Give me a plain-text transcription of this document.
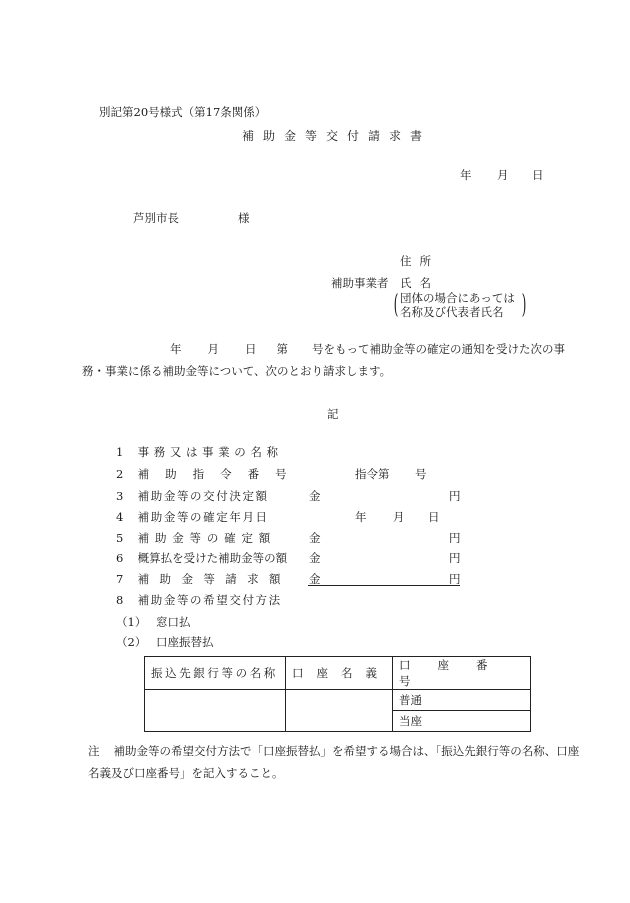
別記第20号様式（第17条関係）
補助金等交付請求書
年 月 日
芦別市長	様
住所
補助事業者 氏名
( 団体の場合にあっては
名称及び代表者氏名 )
年 月 日 第 号をもって補助金等の確定の通知を受けた次の事務・事業に係る補助金等について、次のとおり請求します。
記
1 事務又は事業の名称
2 補助指令番号	指令第 号
3 補助金等の交付決定額	金	円
4 補助金等の確定年月日	年 月 日
5 補助金等の確定額	金	円
6 概算払を受けた補助金等の額 金	円
7 補助金等請求額 金	円
8 補助金等の希望交付方法
（1） 窓口払
（2） 口座振替払
振込先銀行等の名称	口座名義	口座番号
		普通
		当座
注 補助金等の希望交付方法で「口座振替払」を希望する場合は、「振込先銀行等の名称、口座名義及び口座番号」を記入すること。
